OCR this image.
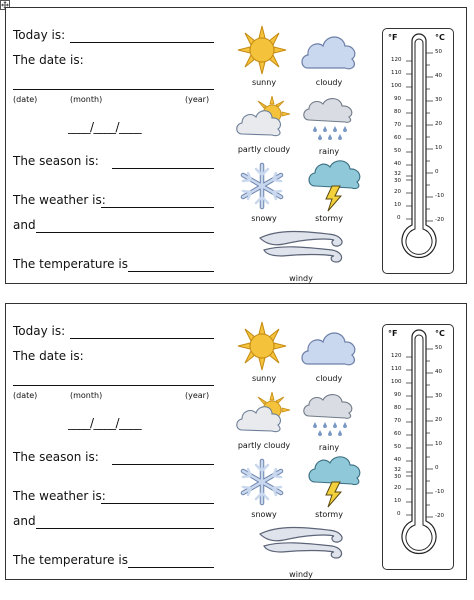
Today is:
The date is:
(date)	(month)	(year)
____/____/____
The season is:
The weather is:
and
The temperature is
sunny	cloudy
partly cloudy	rainy
snowy	stormy
windy
°F	°C
120
110
100
90
80
70
60
50
40
32
30
20
10
0
50
40
30
20
10
0
-10
-20
Today is:
The date is:
(date)	(month)	(year)
____/____/____
The season is:
The weather is:
and
The temperature is
sunny	cloudy
partly cloudy	rainy
snowy	stormy
windy
°F	°C
120
110
100
90
80
70
60
50
40
32
30
20
10
0
50
40
30
20
10
0
-10
-20
